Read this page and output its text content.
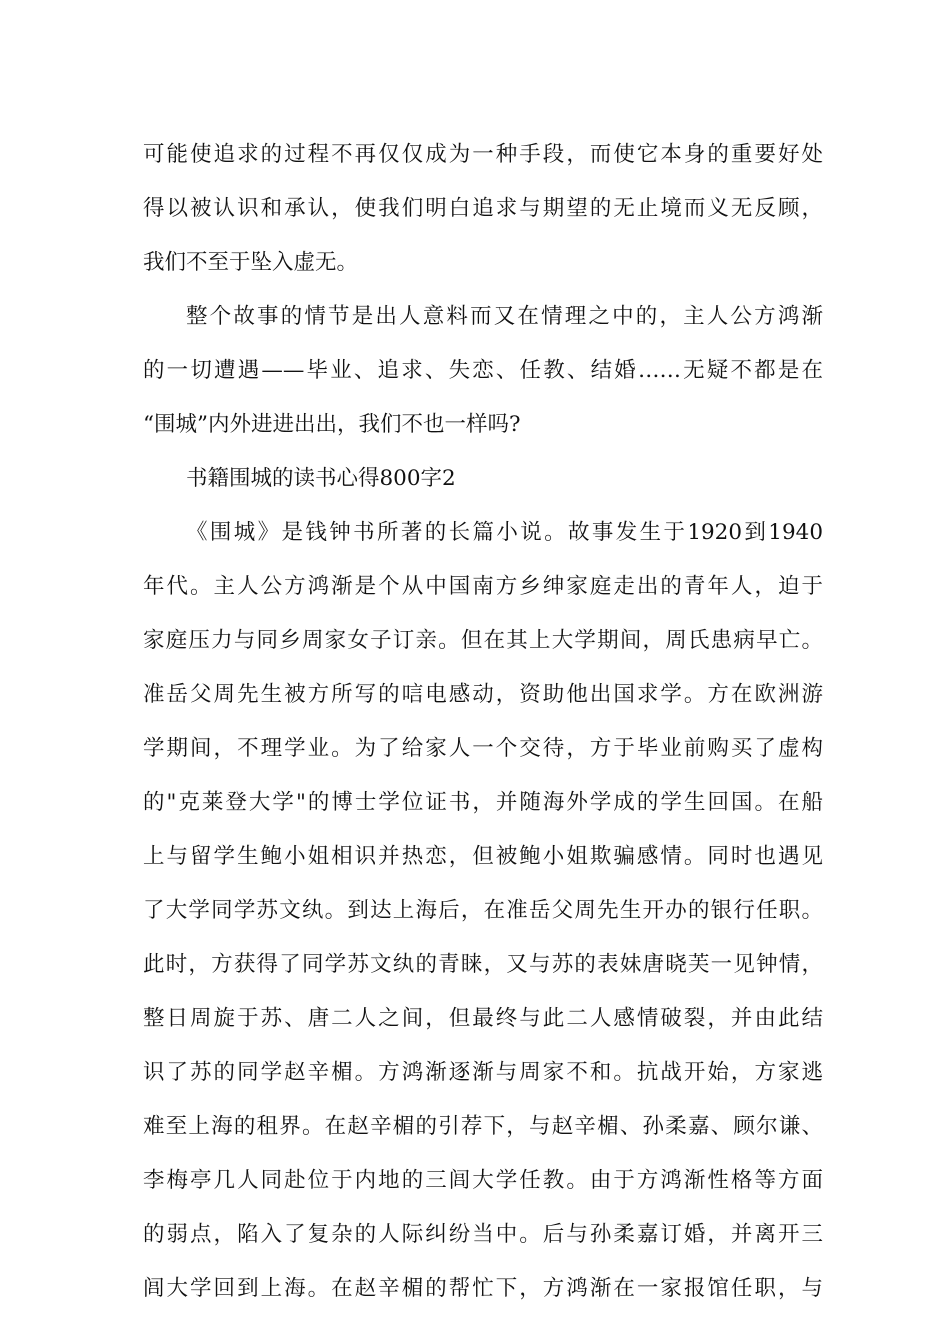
可能使追求的过程不再仅仅成为一种手段，而使它本身的重要好处
得以被认识和承认，使我们明白追求与期望的无止境而义无反顾，
我们不至于坠入虚无。
整个故事的情节是出人意料而又在情理之中的，主人公方鸿渐
的一切遭遇——毕业、追求、失恋、任教、结婚……无疑不都是在
“围城”内外进进出出，我们不也一样吗?
书籍围城的读书心得800字2
《围城》是钱钟书所著的长篇小说。故事发生于1920到1940
年代。主人公方鸿渐是个从中国南方乡绅家庭走出的青年人，迫于
家庭压力与同乡周家女子订亲。但在其上大学期间，周氏患病早亡。
准岳父周先生被方所写的唁电感动，资助他出国求学。方在欧洲游
学期间，不理学业。为了给家人一个交待，方于毕业前购买了虚构
的"克莱登大学"的博士学位证书，并随海外学成的学生回国。在船
上与留学生鲍小姐相识并热恋，但被鲍小姐欺骗感情。同时也遇见
了大学同学苏文纨。到达上海后，在准岳父周先生开办的银行任职。
此时，方获得了同学苏文纨的青睐，又与苏的表妹唐晓芙一见钟情，
整日周旋于苏、唐二人之间，但最终与此二人感情破裂，并由此结
识了苏的同学赵辛楣。方鸿渐逐渐与周家不和。抗战开始，方家逃
难至上海的租界。在赵辛楣的引荐下，与赵辛楣、孙柔嘉、顾尔谦、
李梅亭几人同赴位于内地的三闾大学任教。由于方鸿渐性格等方面
的弱点，陷入了复杂的人际纠纷当中。后与孙柔嘉订婚，并离开三
闾大学回到上海。在赵辛楣的帮忙下，方鸿渐在一家报馆任职，与
